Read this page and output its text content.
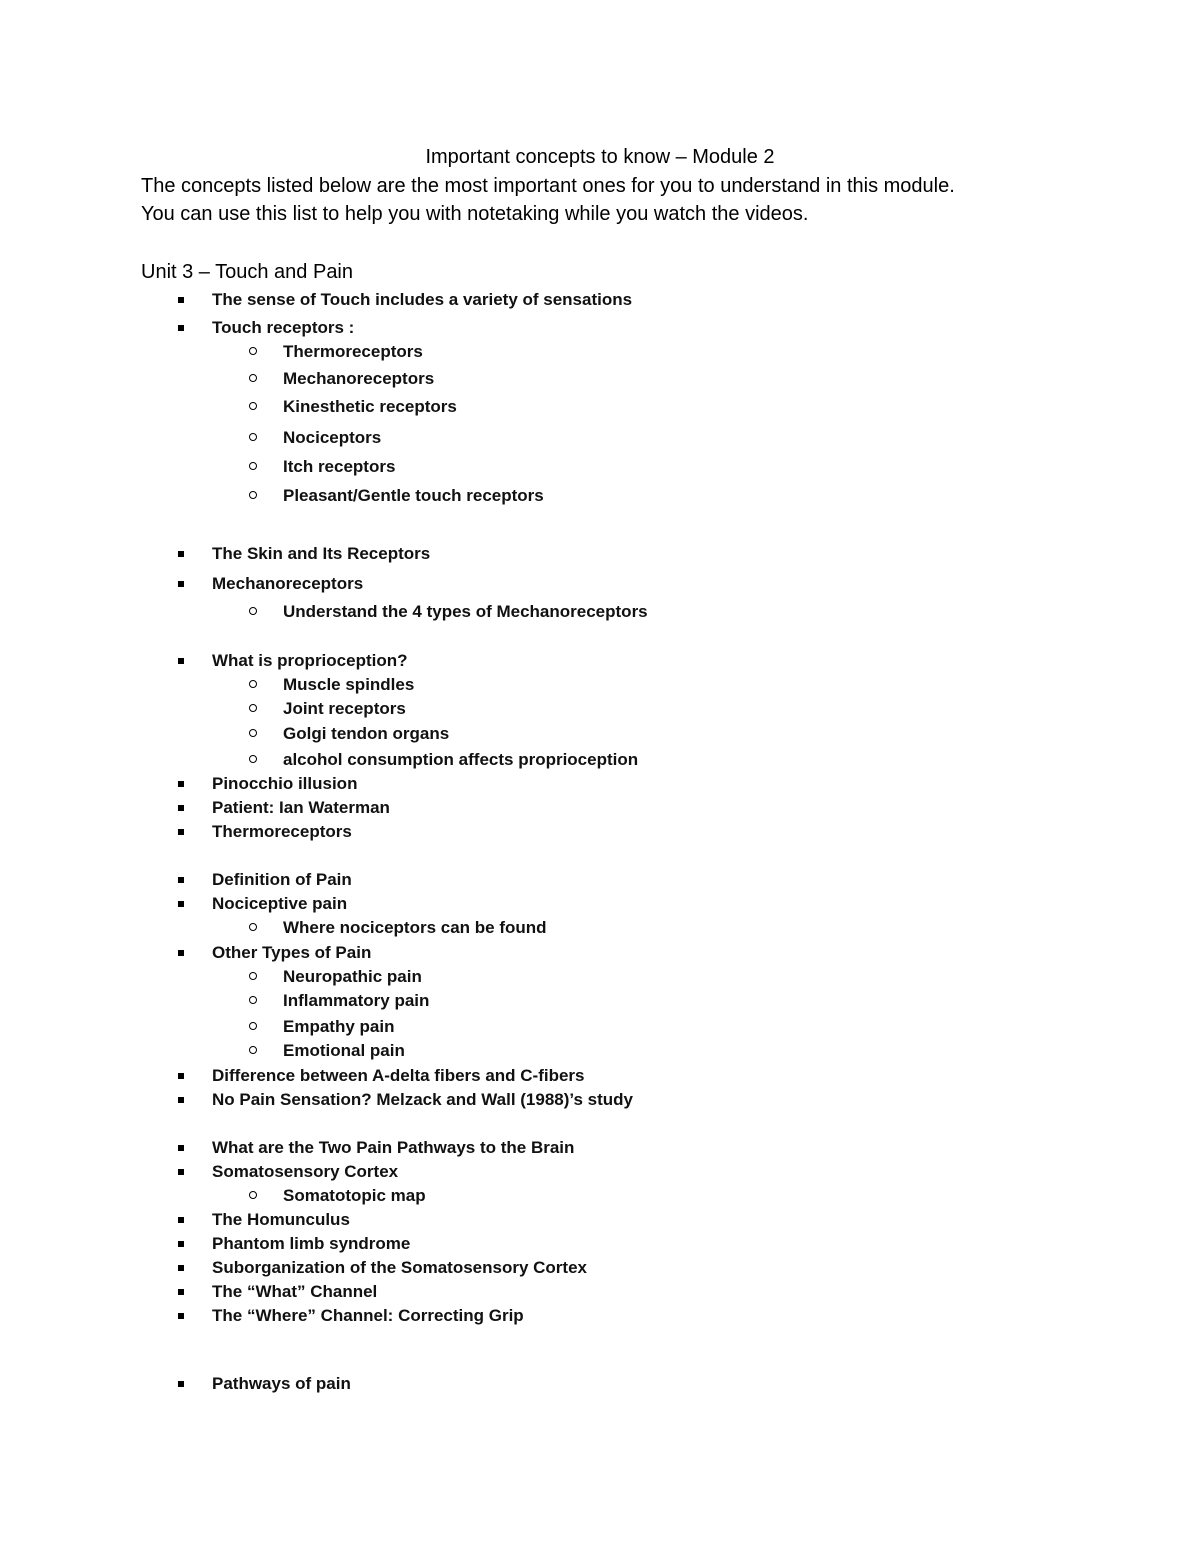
Important concepts to know – Module 2
The concepts listed below are the most important ones for you to understand in this module.
You can use this list to help you with notetaking while you watch the videos.
Unit 3 – Touch and Pain
The sense of Touch includes a variety of sensations
Touch receptors :
Thermoreceptors
Mechanoreceptors
Kinesthetic receptors
Nociceptors
Itch receptors
Pleasant/Gentle touch receptors
The Skin and Its Receptors
Mechanoreceptors
Understand the 4 types of Mechanoreceptors
What is proprioception?
Muscle spindles
Joint receptors
Golgi tendon organs
alcohol consumption affects proprioception
Pinocchio illusion
Patient: Ian Waterman
Thermoreceptors
Definition of Pain
Nociceptive pain
Where nociceptors can be found
Other Types of Pain
Neuropathic pain
Inflammatory pain
Empathy pain
Emotional pain
Difference between A-delta fibers and C-fibers
No Pain Sensation? Melzack and Wall (1988)’s study
What are the Two Pain Pathways to the Brain
Somatosensory Cortex
Somatotopic map
The Homunculus
Phantom limb syndrome
Suborganization of the Somatosensory Cortex
The “What” Channel
The “Where” Channel: Correcting Grip
Pathways of pain
